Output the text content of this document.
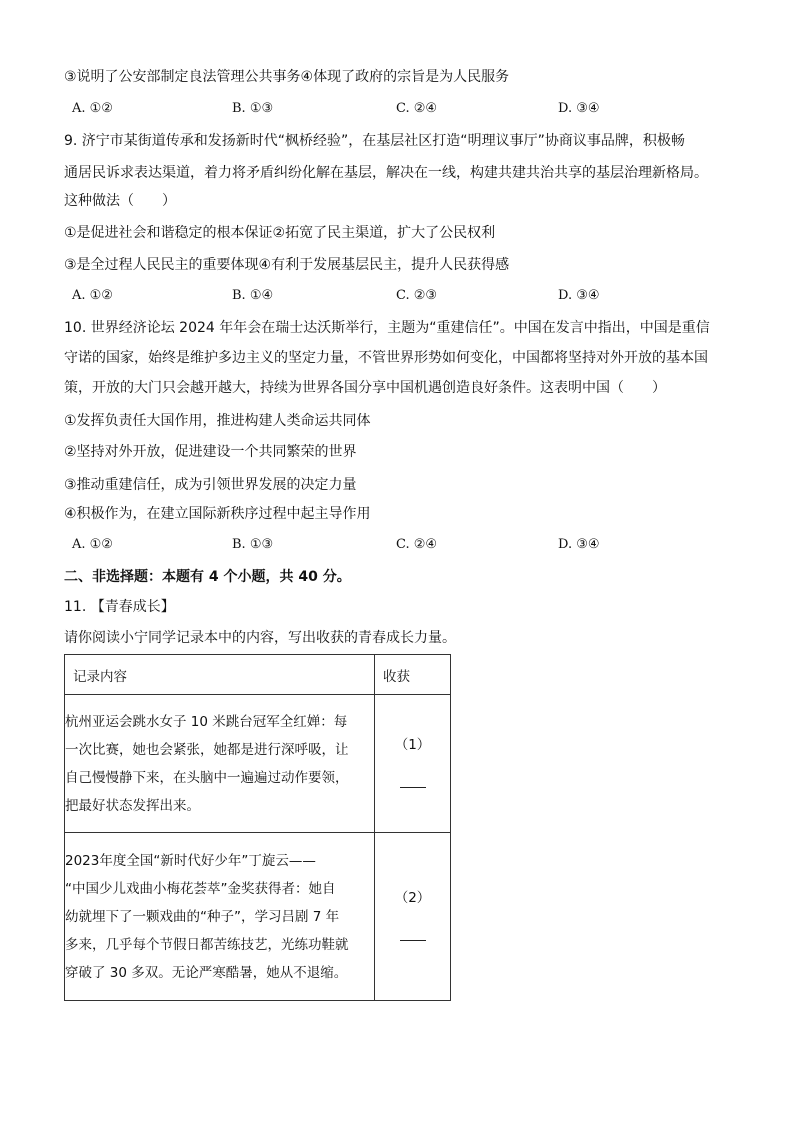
③说明了公安部制定良法管理公共事务④体现了政府的宗旨是为人民服务
A. ①②	B. ①③	C. ②④	D. ③④
9. 济宁市某街道传承和发扬新时代“枫桥经验”，在基层社区打造“明理议事厅”协商议事品牌，积极畅
通居民诉求表达渠道，着力将矛盾纠纷化解在基层，解决在一线，构建共建共治共享的基层治理新格局。
这种做法（　　）
①是促进社会和谐稳定的根本保证②拓宽了民主渠道，扩大了公民权利
③是全过程人民民主的重要体现④有利于发展基层民主，提升人民获得感
A. ①②	B. ①④	C. ②③	D. ③④
10. 世界经济论坛 2024 年年会在瑞士达沃斯举行，主题为“重建信任”。中国在发言中指出，中国是重信
守诺的国家，始终是维护多边主义的坚定力量，不管世界形势如何变化，中国都将坚持对外开放的基本国
策，开放的大门只会越开越大，持续为世界各国分享中国机遇创造良好条件。这表明中国（　　）
①发挥负责任大国作用，推进构建人类命运共同体
②坚持对外开放，促进建设一个共同繁荣的世界
③推动重建信任，成为引领世界发展的决定力量
④积极作为，在建立国际新秩序过程中起主导作用
A. ①②	B. ①③	C. ②④	D. ③④
二、非选择题：本题有 4 个小题，共 40 分。
11. 【青春成长】
请你阅读小宁同学记录本中的内容，写出收获的青春成长力量。
记录内容	收获

杭州亚运会跳水女子 10 米跳台冠军全红婵：每
一次比赛，她也会紧张，她都是进行深呼吸，让
自己慢慢静下来，在头脑中一遍遍过动作要领，
把最好状态发挥出来。	（1）

2023年度全国“新时代好少年”丁旋云——
“中国少儿戏曲小梅花荟萃”金奖获得者：她自
幼就埋下了一颗戏曲的“种子”，学习吕剧 7 年
多来，几乎每个节假日都苦练技艺，光练功鞋就
穿破了 30 多双。无论严寒酷暑，她从不退缩。	（2）
